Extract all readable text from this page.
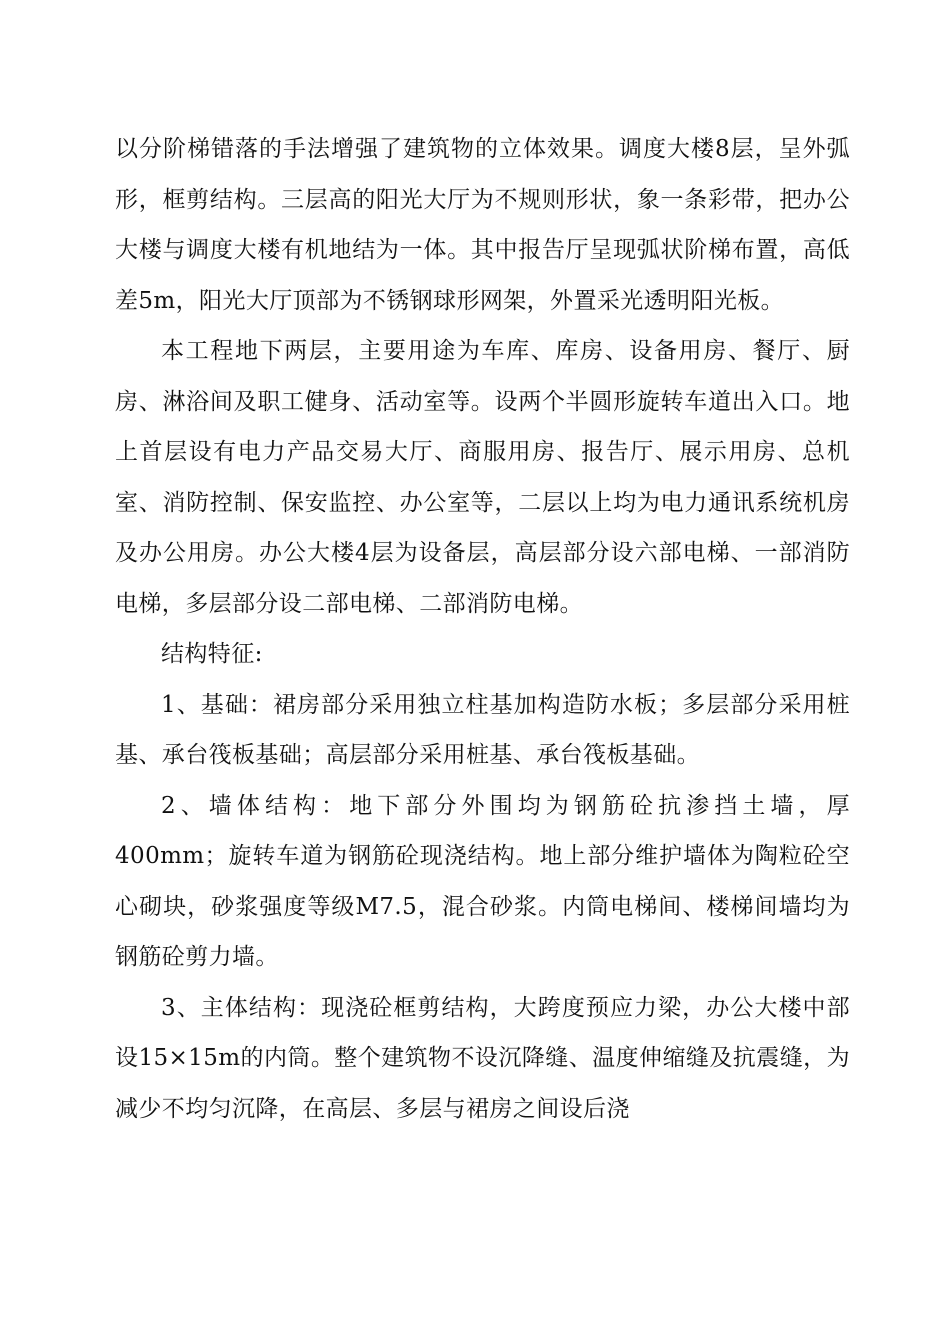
以分阶梯错落的手法增强了建筑物的立体效果。调度大楼8层，呈外弧形，框剪结构。三层高的阳光大厅为不规则形状，象一条彩带，把办公大楼与调度大楼有机地结为一体。其中报告厅呈现弧状阶梯布置，高低差5m，阳光大厅顶部为不锈钢球形网架，外置采光透明阳光板。

本工程地下两层，主要用途为车库、库房、设备用房、餐厅、厨房、淋浴间及职工健身、活动室等。设两个半圆形旋转车道出入口。地上首层设有电力产品交易大厅、商服用房、报告厅、展示用房、总机室、消防控制、保安监控、办公室等，二层以上均为电力通讯系统机房及办公用房。办公大楼4层为设备层，高层部分设六部电梯、一部消防电梯，多层部分设二部电梯、二部消防电梯。

结构特征:

1、基础：裙房部分采用独立柱基加构造防水板；多层部分采用桩基、承台筏板基础；高层部分采用桩基、承台筏板基础。

2、墙体结构：地下部分外围均为钢筋砼抗渗挡土墙，厚400mm；旋转车道为钢筋砼现浇结构。地上部分维护墙体为陶粒砼空心砌块，砂浆强度等级M7.5，混合砂浆。内筒电梯间、楼梯间墙均为钢筋砼剪力墙。

3、主体结构：现浇砼框剪结构，大跨度预应力梁，办公大楼中部设15×15m的内筒。整个建筑物不设沉降缝、温度伸缩缝及抗震缝，为减少不均匀沉降，在高层、多层与裙房之间设后浇
